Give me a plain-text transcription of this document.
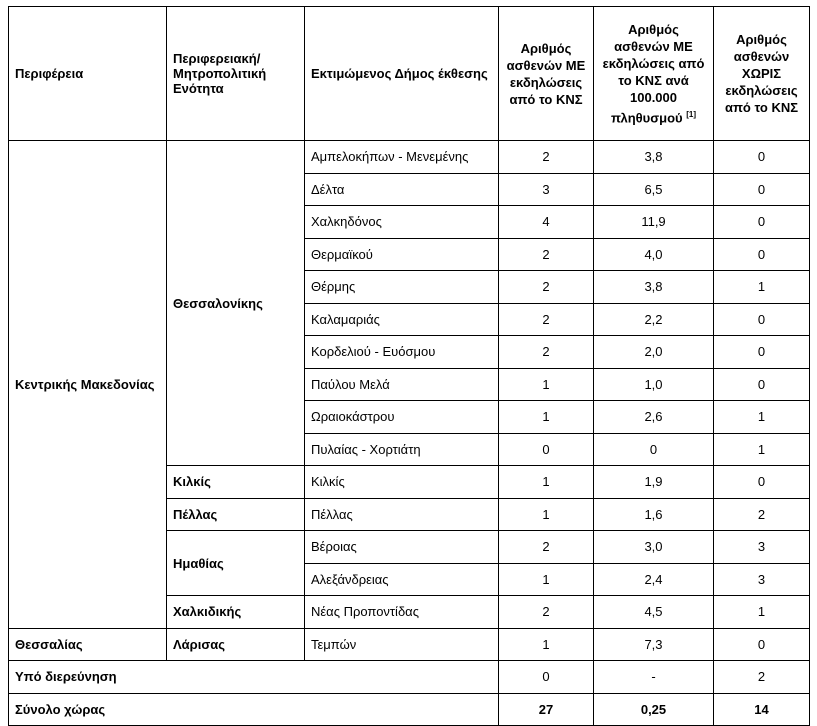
Περιφέρεια	Περιφερειακή/ Μητροπολιτική Ενότητα	Εκτιμώμενος Δήμος έκθεσης	Αριθμός ασθενών ΜΕ εκδηλώσεις από το ΚΝΣ	Αριθμός ασθενών ΜΕ εκδηλώσεις από το ΚΝΣ ανά 100.000 πληθυσμού [1]	Αριθμός ασθενών ΧΩΡΙΣ εκδηλώσεις από το ΚΝΣ
Κεντρικής Μακεδονίας	Θεσσαλονίκης	Αμπελοκήπων - Μενεμένης	2	3,8	0
		Δέλτα	3	6,5	0
		Χαλκηδόνος	4	11,9	0
		Θερμαϊκού	2	4,0	0
		Θέρμης	2	3,8	1
		Καλαμαριάς	2	2,2	0
		Κορδελιού - Ευόσμου	2	2,0	0
		Παύλου Μελά	1	1,0	0
		Ωραιοκάστρου	1	2,6	1
		Πυλαίας - Χορτιάτη	0	0	1
	Κιλκίς	Κιλκίς	1	1,9	0
	Πέλλας	Πέλλας	1	1,6	2
	Ημαθίας	Βέροιας	2	3,0	3
		Αλεξάνδρειας	1	2,4	3
	Χαλκιδικής	Νέας Προποντίδας	2	4,5	1
Θεσσαλίας	Λάρισας	Τεμπών	1	7,3	0
Υπό διερεύνηση			0	-	2
Σύνολο χώρας			27	0,25	14
